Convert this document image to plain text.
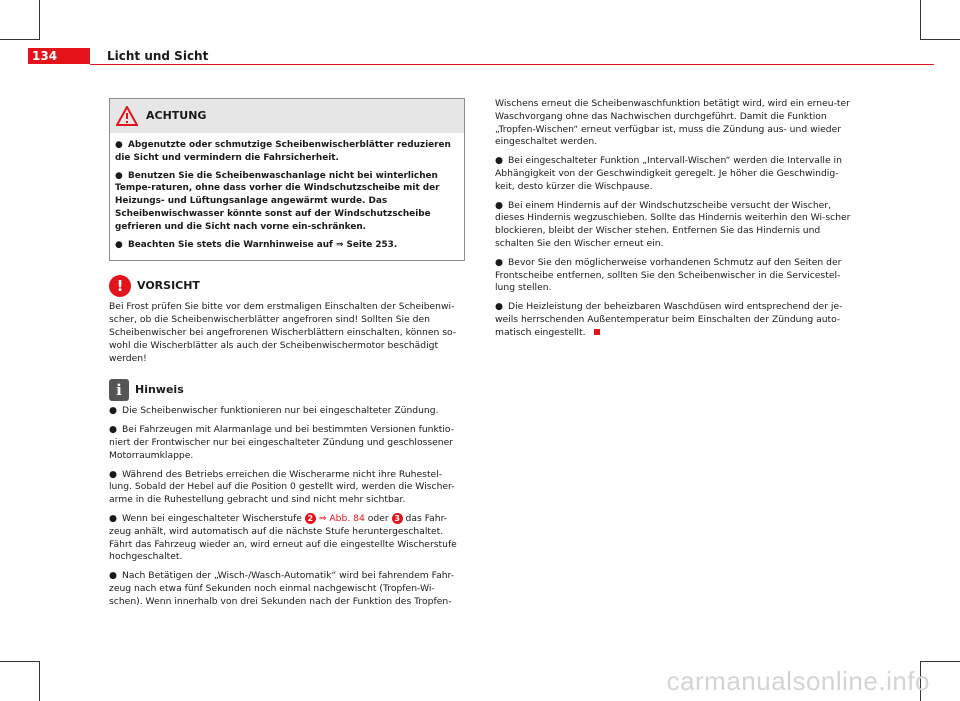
134	Licht und Sicht
ACHTUNG

● Abgenutzte oder schmutzige Scheibenwischerblätter reduzieren die Sicht und vermindern die Fahrsicherheit.

● Benutzen Sie die Scheibenwaschanlage nicht bei winterlichen Tempe-raturen, ohne dass vorher die Windschutzscheibe mit der Heizungs- und Lüftungsanlage angewärmt wurde. Das Scheibenwischwasser könnte sonst auf der Windschutzscheibe gefrieren und die Sicht nach vorne ein-schränken.

● Beachten Sie stets die Warnhinweise auf ⇒ Seite 253.

!	VORSICHT

Bei Frost prüfen Sie bitte vor dem erstmaligen Einschalten der Scheibenwi-scher, ob die Scheibenwischerblätter angefroren sind! Sollten Sie den Scheibenwischer bei angefrorenen Wischerblättern einschalten, können so-wohl die Wischerblätter als auch der Scheibenwischermotor beschädigt werden!

i	Hinweis

● Die Scheibenwischer funktionieren nur bei eingeschalteter Zündung.

● Bei Fahrzeugen mit Alarmanlage und bei bestimmten Versionen funktio-niert der Frontwischer nur bei eingeschalteter Zündung und geschlossener Motorraumklappe.

● Während des Betriebs erreichen die Wischerarme nicht ihre Ruhestel-lung. Sobald der Hebel auf die Position 0 gestellt wird, werden die Wischer-arme in die Ruhestellung gebracht und sind nicht mehr sichtbar.

● Wenn bei eingeschalteter Wischerstufe 2 ⇒ Abb. 84 oder 3 das Fahr-zeug anhält, wird automatisch auf die nächste Stufe heruntergeschaltet. Fährt das Fahrzeug wieder an, wird erneut auf die eingestellte Wischerstufe hochgeschaltet.

● Nach Betätigen der „Wisch-/Wasch-Automatik“ wird bei fahrendem Fahr-zeug nach etwa fünf Sekunden noch einmal nachgewischt (Tropfen-Wi-schen). Wenn innerhalb von drei Sekunden nach der Funktion des Tropfen-

Wischens erneut die Scheibenwaschfunktion betätigt wird, wird ein erneu-ter Waschvorgang ohne das Nachwischen durchgeführt. Damit die Funktion „Tropfen-Wischen“ erneut verfügbar ist, muss die Zündung aus- und wieder eingeschaltet werden.

● Bei eingeschalteter Funktion „Intervall-Wischen“ werden die Intervalle in Abhängigkeit von der Geschwindigkeit geregelt. Je höher die Geschwindig-keit, desto kürzer die Wischpause.

● Bei einem Hindernis auf der Windschutzscheibe versucht der Wischer, dieses Hindernis wegzuschieben. Sollte das Hindernis weiterhin den Wi-scher blockieren, bleibt der Wischer stehen. Entfernen Sie das Hindernis und schalten Sie den Wischer erneut ein.

● Bevor Sie den möglicherweise vorhandenen Schmutz auf den Seiten der Frontscheibe entfernen, sollten Sie den Scheibenwischer in die Servicestel-lung stellen.

● Die Heizleistung der beheizbaren Waschdüsen wird entsprechend der je-weils herrschenden Außentemperatur beim Einschalten der Zündung auto-matisch eingestellt.

carmanualsonline.info
